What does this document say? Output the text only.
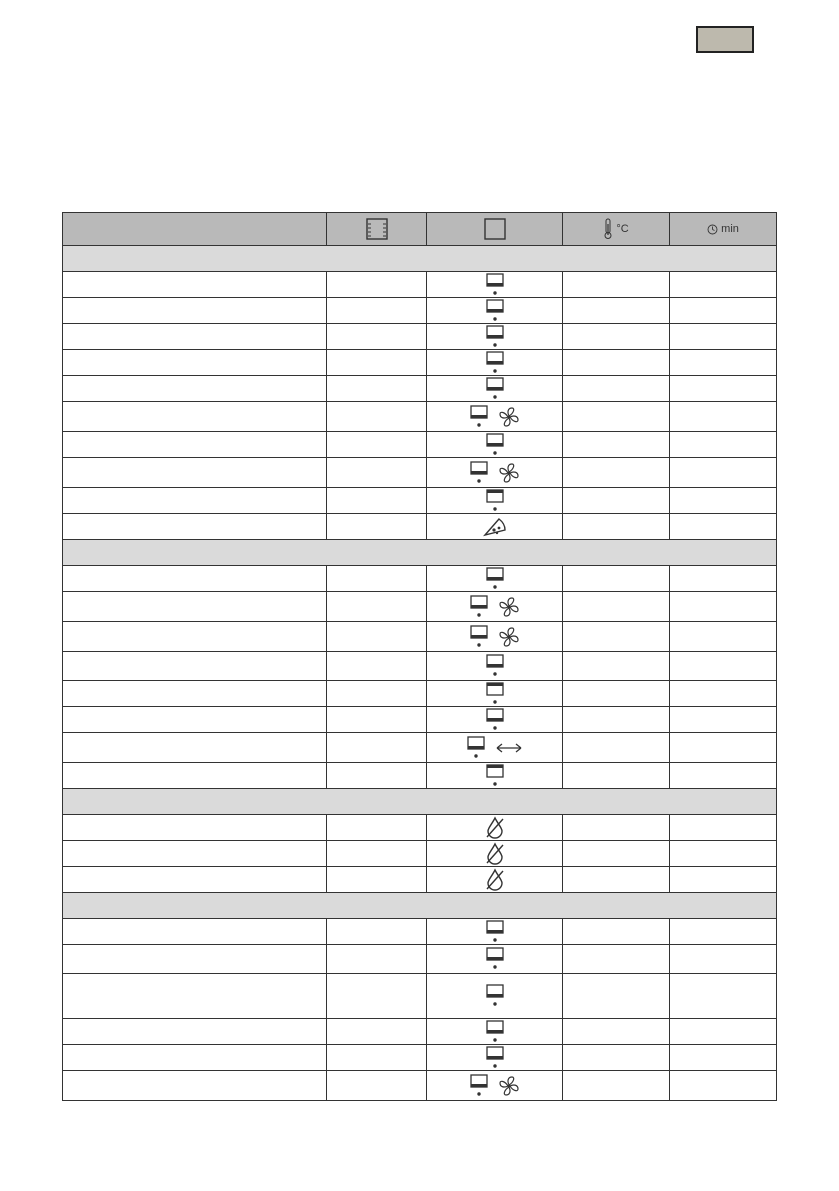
			°C	min
